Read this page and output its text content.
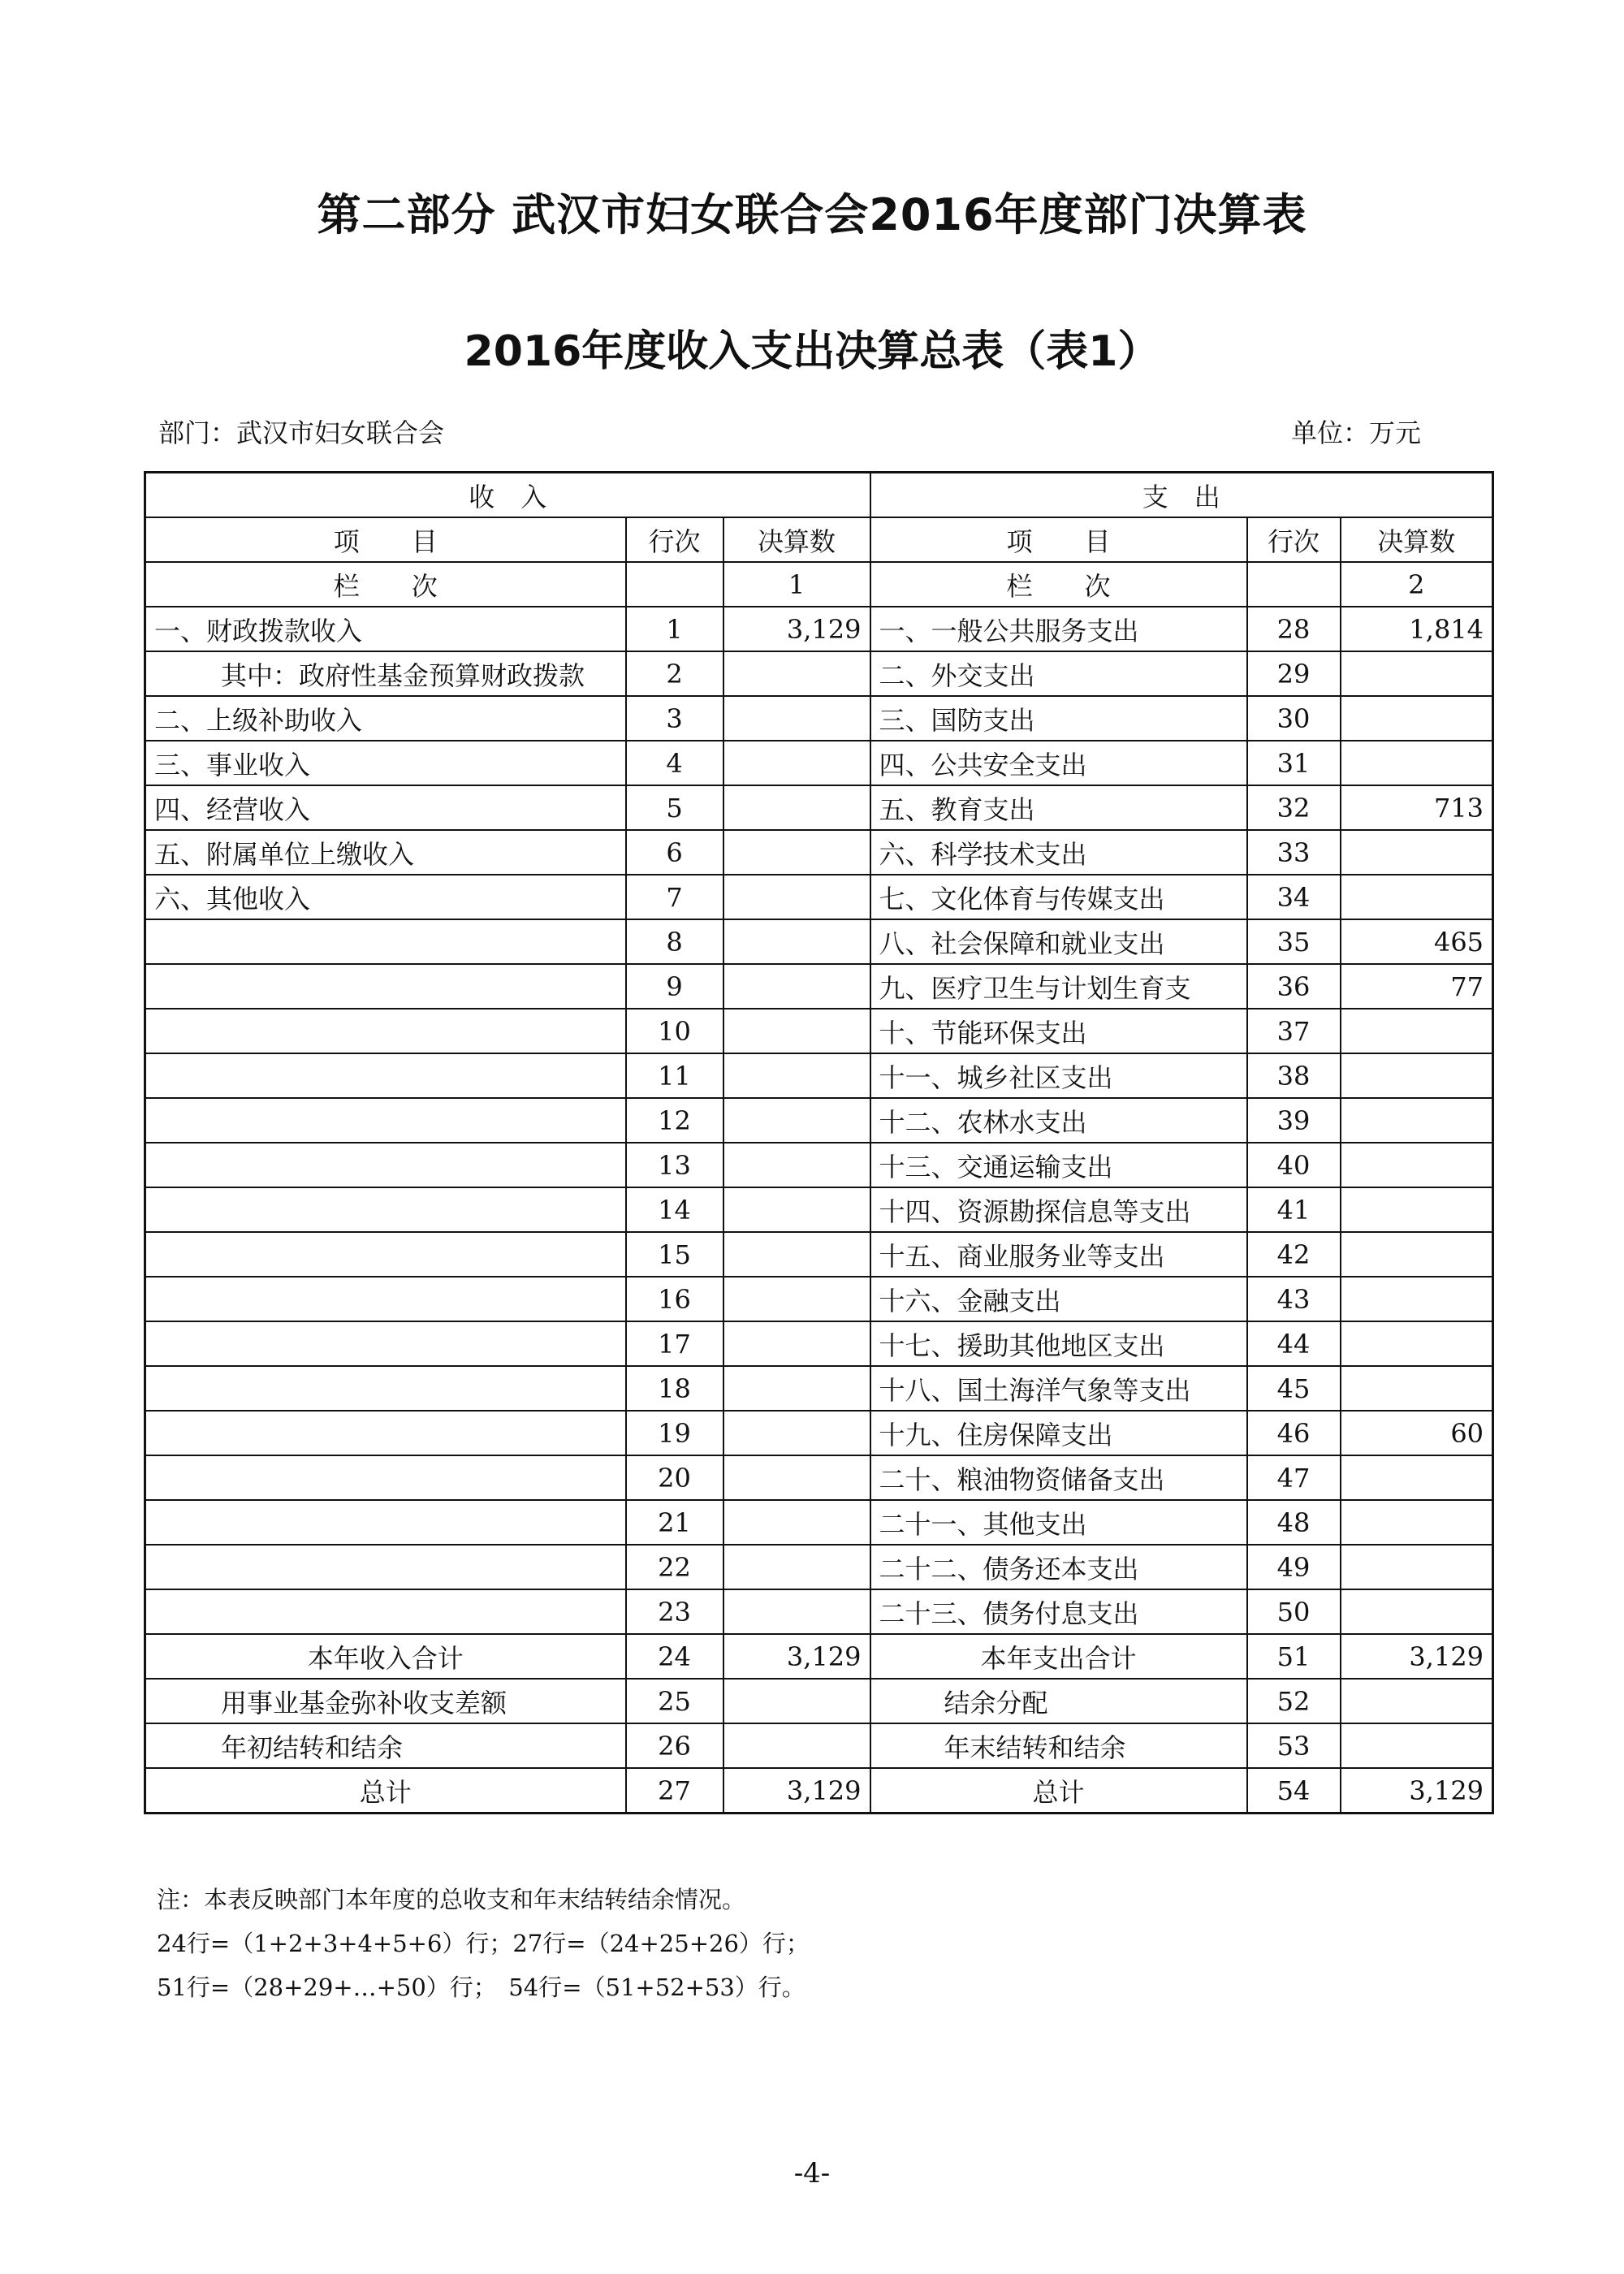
第二部分 武汉市妇女联合会2016年度部门决算表
2016年度收入支出决算总表（表1）
部门：武汉市妇女联合会	单位：万元
收　入			支　出		
项　　目	行次	决算数	项　　目	行次	决算数
栏　　次		1	栏　　次		2
一、财政拨款收入	1	3,129	一、一般公共服务支出	28	1,814
其中：政府性基金预算财政拨款	2		二、外交支出	29	
二、上级补助收入	3		三、国防支出	30	
三、事业收入	4		四、公共安全支出	31	
四、经营收入	5		五、教育支出	32	713
五、附属单位上缴收入	6		六、科学技术支出	33	
六、其他收入	7		七、文化体育与传媒支出	34	
	8		八、社会保障和就业支出	35	465
	9		九、医疗卫生与计划生育支	36	77
	10		十、节能环保支出	37	
	11		十一、城乡社区支出	38	
	12		十二、农林水支出	39	
	13		十三、交通运输支出	40	
	14		十四、资源勘探信息等支出	41	
	15		十五、商业服务业等支出	42	
	16		十六、金融支出	43	
	17		十七、援助其他地区支出	44	
	18		十八、国土海洋气象等支出	45	
	19		十九、住房保障支出	46	60
	20		二十、粮油物资储备支出	47	
	21		二十一、其他支出	48	
	22		二十二、债务还本支出	49	
	23		二十三、债务付息支出	50	
本年收入合计	24	3,129	本年支出合计	51	3,129
用事业基金弥补收支差额	25		结余分配	52	
年初结转和结余	26		年末结转和结余	53	
总计	27	3,129	总计	54	3,129
注：本表反映部门本年度的总收支和年末结转结余情况。
24行=（1+2+3+4+5+6）行；27行=（24+25+26）行；
51行=（28+29+…+50）行；　54行=（51+52+53）行。
-4-
